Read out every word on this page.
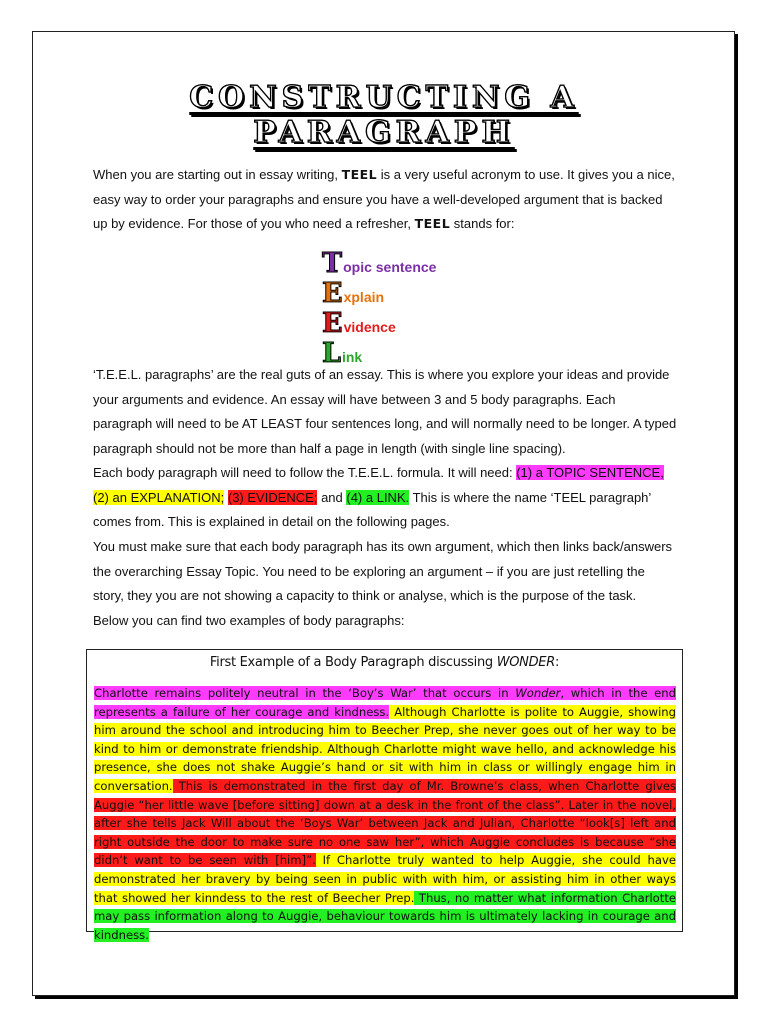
CONSTRUCTING A
PARAGRAPH
When you are starting out in essay writing, TEEL is a very useful acronym to use. It gives you a nice, easy way to order your paragraphs and ensure you have a well-developed argument that is backed up by evidence. For those of you who need a refresher, TEEL stands for:
T opic sentence
E xplain
E vidence
L ink
‘T.E.E.L. paragraphs’ are the real guts of an essay. This is where you explore your ideas and provide your arguments and evidence. An essay will have between 3 and 5 body paragraphs. Each paragraph will need to be AT LEAST four sentences long, and will normally need to be longer. A typed paragraph should not be more than half a page in length (with single line spacing).
Each body paragraph will need to follow the T.E.E.L. formula. It will need: (1) a TOPIC SENTENCE, (2) an EXPLANATION; (3) EVIDENCE; and (4) a LINK. This is where the name ‘TEEL paragraph’ comes from. This is explained in detail on the following pages.
You must make sure that each body paragraph has its own argument, which then links back/answers the overarching Essay Topic. You need to be exploring an argument – if you are just retelling the story, they you are not showing a capacity to think or analyse, which is the purpose of the task.
Below you can find two examples of body paragraphs:
First Example of a Body Paragraph discussing WONDER:
Charlotte remains politely neutral in the ‘Boy’s War’ that occurs in Wonder, which in the end represents a failure of her courage and kindness. Although Charlotte is polite to Auggie, showing him around the school and introducing him to Beecher Prep, she never goes out of her way to be kind to him or demonstrate friendship. Although Charlotte might wave hello, and acknowledge his presence, she does not shake Auggie’s hand or sit with him in class or willingly engage him in conversation. This is demonstrated in the first day of Mr. Browne’s class, when Charlotte gives Auggie “her little wave [before sitting] down at a desk in the front of the class”. Later in the novel, after she tells Jack Will about the ‘Boys War’ between Jack and Julian, Charlotte “look[s] left and right outside the door to make sure no one saw her”, which Auggie concludes is because “she didn’t want to be seen with [him]”. If Charlotte truly wanted to help Auggie, she could have demonstrated her bravery by being seen in public with with him, or assisting him in other ways that showed her kinndess to the rest of Beecher Prep. Thus, no matter what information Charlotte may pass information along to Auggie, behaviour towards him is ultimately lacking in courage and kindness.
